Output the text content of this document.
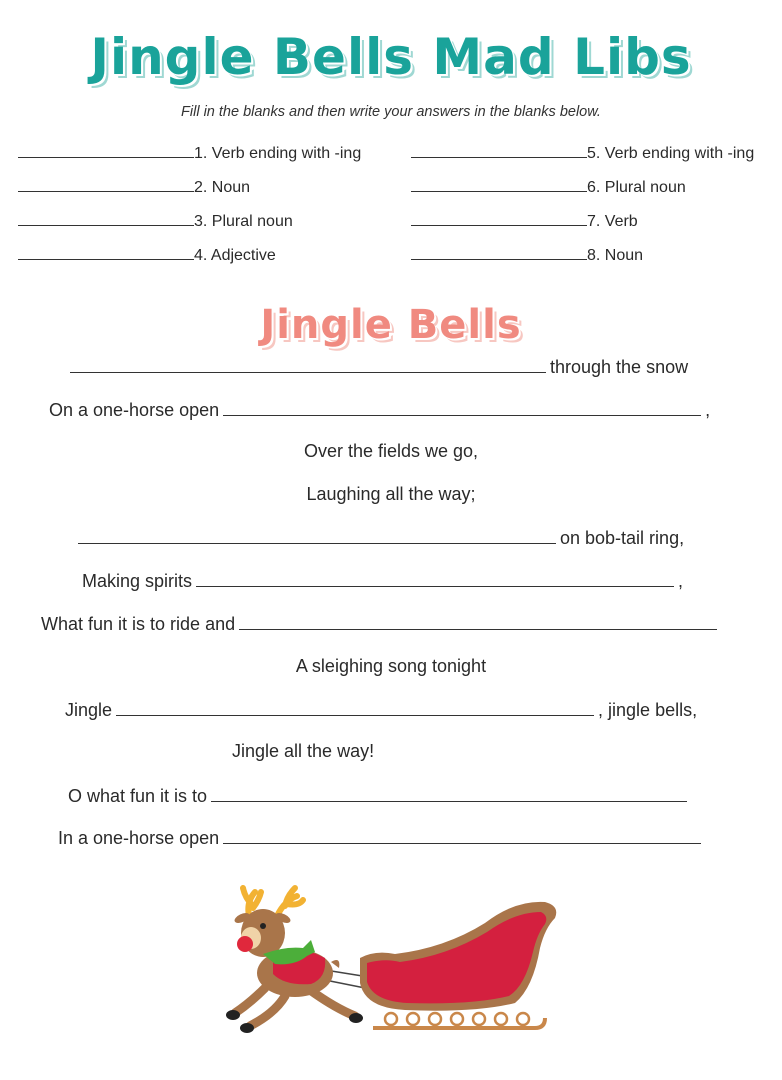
Jingle Bells Mad Libs
Fill in the blanks and then write your answers in the blanks below.
1. Verb ending with -ing
2. Noun
3. Plural noun
4. Adjective
5. Verb ending with -ing
6. Plural noun
7. Verb
8. Noun
Jingle Bells
through the snow
On a one-horse open	,
Over the fields we go,
Laughing all the way;
on bob-tail ring,
Making spirits	,
What fun it is to ride and
A sleighing song tonight
Jingle	, jingle bells,
Jingle all the way!
O what fun it is to
In a one-horse open
